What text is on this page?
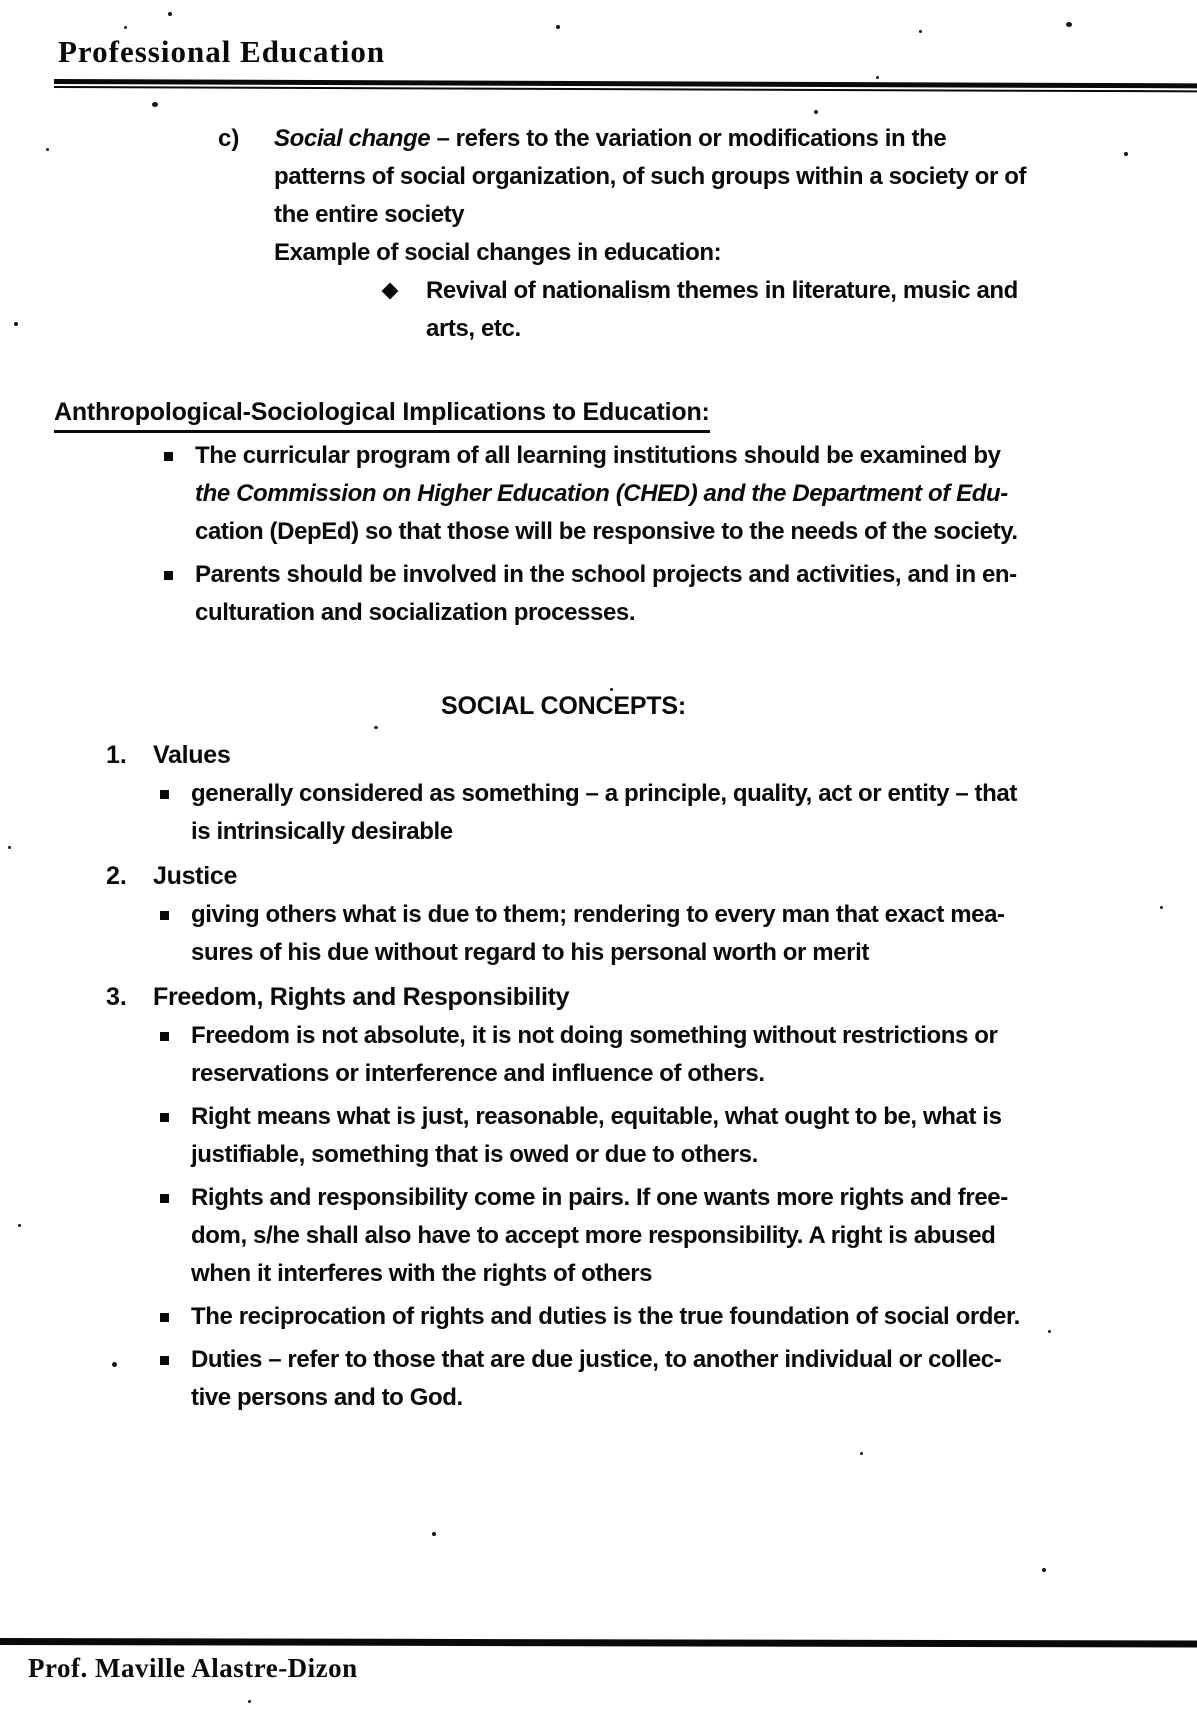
Professional Education
c)	Social change – refers to the variation or modifications in the
patterns of social organization, of such groups within a society or of
the entire society
Example of social changes in education:
Revival of nationalism themes in literature, music and
arts, etc.
Anthropological-Sociological Implications to Education:
The curricular program of all learning institutions should be examined by
the Commission on Higher Education (CHED) and the Department of Edu-
cation (DepEd) so that those will be responsive to the needs of the society.
Parents should be involved in the school projects and activities, and in en-
culturation and socialization processes.
SOCIAL CONCEPTS:
1.	Values
generally considered as something – a principle, quality, act or entity – that
is intrinsically desirable
2.	Justice
giving others what is due to them; rendering to every man that exact mea-
sures of his due without regard to his personal worth or merit
3.	Freedom, Rights and Responsibility
Freedom is not absolute, it is not doing something without restrictions or
reservations or interference and influence of others.
Right means what is just, reasonable, equitable, what ought to be, what is
justifiable, something that is owed or due to others.
Rights and responsibility come in pairs. If one wants more rights and free-
dom, s/he shall also have to accept more responsibility. A right is abused
when it interferes with the rights of others
The reciprocation of rights and duties is the true foundation of social order.
Duties – refer to those that are due justice, to another individual or collec-
tive persons and to God.
Prof. Maville Alastre-Dizon
